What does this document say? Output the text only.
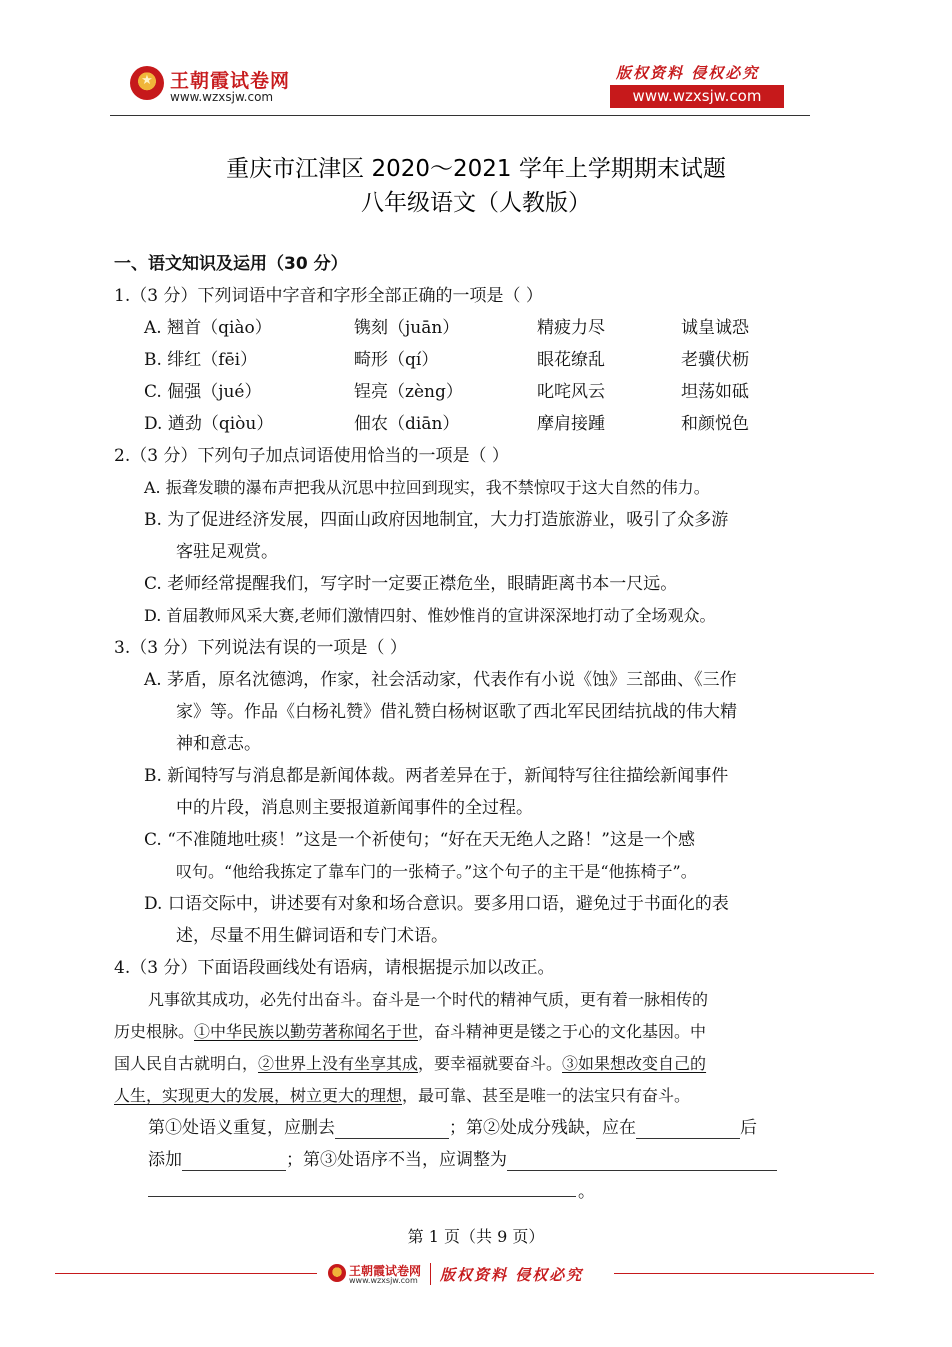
★ 王朝霞试卷网
www.wzxsjw.com
版权资料 侵权必究
www.wzxsjw.com
重庆市江津区 2020～2021 学年上学期期末试题
八年级语文（人教版）
一、语文知识及运用（30 分）
1.（3 分）下列词语中字音和字形全部正确的一项是（ ）
A. 翘首（qiào）	镌刻（juān）	精疲力尽	诚皇诚恐
B. 绯红（fēi）	畸形（qí）	眼花缭乱	老骥伏枥
C. 倔强（jué）	锃亮（zèng）	叱咤风云	坦荡如砥
D. 遒劲（qiòu）	佃农（diān）	摩肩接踵	和颜悦色
2.（3 分）下列句子加点词语使用恰当的一项是（ ）
A. 振聋发聩的瀑布声把我从沉思中拉回到现实，我不禁惊叹于这大自然的伟力。
B. 为了促进经济发展，四面山政府因地制宜，大力打造旅游业，吸引了众多游
客驻足观赏。
C. 老师经常提醒我们，写字时一定要正襟危坐，眼睛距离书本一尺远。
D. 首届教师风采大赛,老师们激情四射、惟妙惟肖的宣讲深深地打动了全场观众。
3.（3 分）下列说法有误的一项是（ ）
A. 茅盾，原名沈德鸿，作家，社会活动家，代表作有小说《蚀》三部曲、《三作
家》等。作品《白杨礼赞》借礼赞白杨树讴歌了西北军民团结抗战的伟大精
神和意志。
B. 新闻特写与消息都是新闻体裁。两者差异在于，新闻特写往往描绘新闻事件
中的片段，消息则主要报道新闻事件的全过程。
C. “不准随地吐痰！”这是一个祈使句；“好在天无绝人之路！”这是一个感
叹句。“他给我拣定了靠车门的一张椅子。”这个句子的主干是“他拣椅子”。
D. 口语交际中，讲述要有对象和场合意识。要多用口语，避免过于书面化的表
述，尽量不用生僻词语和专门术语。
4.（3 分）下面语段画线处有语病，请根据提示加以改正。
凡事欲其成功，必先付出奋斗。奋斗是一个时代的精神气质，更有着一脉相传的
历史根脉。①中华民族以勤劳著称闻名于世，奋斗精神更是镂之于心的文化基因。中
国人民自古就明白，②世界上没有坐享其成，要幸福就要奋斗。③如果想改变自己的
人生，实现更大的发展，树立更大的理想，最可靠、甚至是唯一的法宝只有奋斗。
第①处语义重复，应删去	；第②处成分残缺，应在	后
添加	；第③处语序不当，应调整为
。
第 1 页（共 9 页）
王朝霞试卷网
www.wzxsjw.com 版权资料 侵权必究
